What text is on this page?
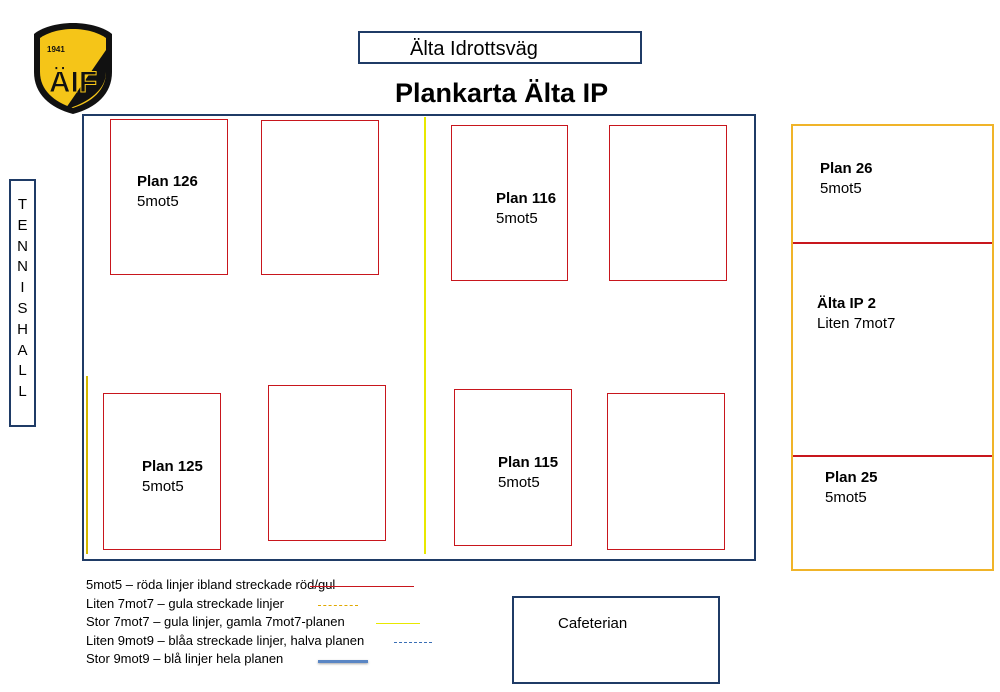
1941
ÄIF
Älta Idrottsväg
Plankarta Älta IP
T
E
N
N
I
S
H
A
L
L
Plan 126
5mot5	Plan 116
5mot5
Plan 125
5mot5
Plan 115
5mot5
Plan 26
5mot5
Älta IP 2
Liten 7mot7
Plan 25
5mot5
5mot5 – röda linjer ibland streckade röd/gul
Liten 7mot7 – gula streckade linjer
Stor 7mot7 – gula linjer, gamla 7mot7-planen
Liten 9mot9 – blåa streckade linjer, halva planen
Stor 9mot9 – blå linjer hela planen
Cafeterian
